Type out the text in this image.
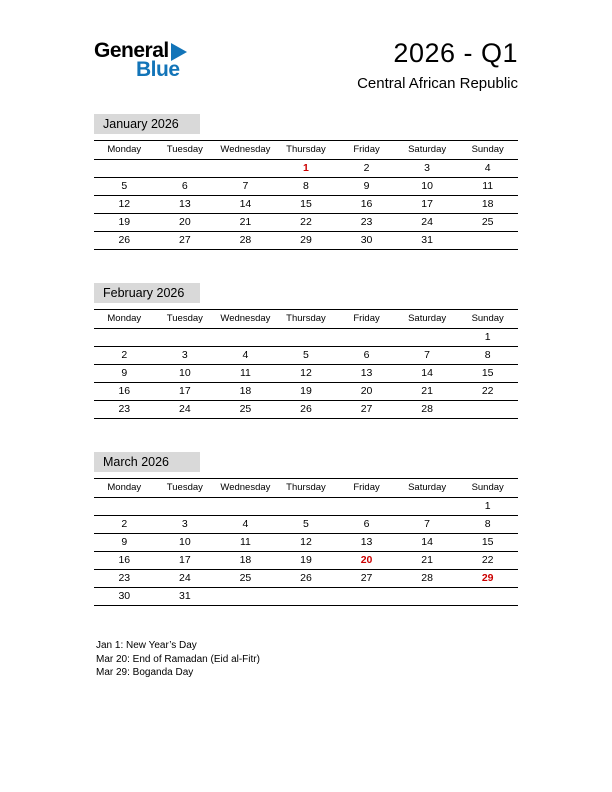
General
Blue
2026 - Q1
Central African Republic
January 2026
Monday	Tuesday	Wednesday	Thursday	Friday	Saturday	Sunday
			1	2	3	4
5	6	7	8	9	10	11
12	13	14	15	16	17	18
19	20	21	22	23	24	25
26	27	28	29	30	31	
February 2026
Monday	Tuesday	Wednesday	Thursday	Friday	Saturday	Sunday
						1
2	3	4	5	6	7	8
9	10	11	12	13	14	15
16	17	18	19	20	21	22
23	24	25	26	27	28	
March 2026
Monday	Tuesday	Wednesday	Thursday	Friday	Saturday	Sunday
						1
2	3	4	5	6	7	8
9	10	11	12	13	14	15
16	17	18	19	20	21	22
23	24	25	26	27	28	29
30	31					
Jan 1: New Year’s Day
Mar 20: End of Ramadan (Eid al-Fitr)
Mar 29: Boganda Day
